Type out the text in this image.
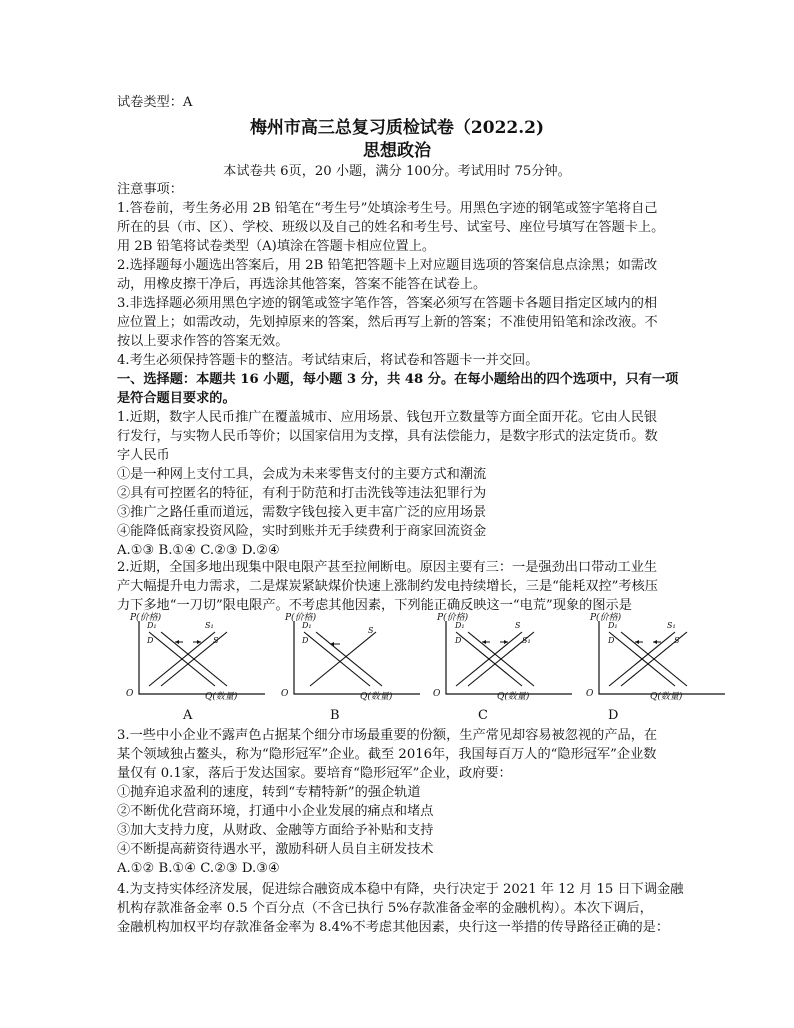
试卷类型：A
梅州市高三总复习质检试卷（2022.2)
思想政治
本试卷共 6页，20 小题，满分 100分。考试用时 75分钟。
注意事项：
1.答卷前，考生务必用 2B 铅笔在“考生号”处填涂考生号。用黑色字迹的钢笔或签字笔将自己
所在的县（市、区）、学校、班级以及自己的姓名和考生号、试室号、座位号填写在答题卡上。
用 2B 铅笔将试卷类型（A)填涂在答题卡相应位置上。
2.选择题每小题选出答案后，用 2B 铅笔把答题卡上对应题目选项的答案信息点涂黑；如需改
动，用橡皮擦干净后，再选涂其他答案，答案不能答在试卷上。
3.非选择题必须用黑色字迹的钢笔或签字笔作答，答案必须写在答题卡各题目指定区域内的相
应位置上；如需改动，先划掉原来的答案，然后再写上新的答案；不准使用铅笔和涂改液。不
按以上要求作答的答案无效。
4.考生必须保持答题卡的整洁。考试结束后，将试卷和答题卡一并交回。
一、选择题：本题共 16 小题，每小题 3 分，共 48 分。在每小题给出的四个选项中，只有一项
是符合题目要求的。
1.近期，数字人民币推广在覆盖城市、应用场景、钱包开立数量等方面全面开花。它由人民银
行发行，与实物人民币等价；以国家信用为支撑，具有法偿能力，是数字形式的法定货币。数
字人民币
①是一种网上支付工具，会成为未来零售支付的主要方式和潮流
②具有可控匿名的特征，有利于防范和打击洗钱等违法犯罪行为
③推广之路任重而道远，需数字钱包接入更丰富广泛的应用场景
④能降低商家投资风险，实时到账并无手续费利于商家回流资金
A.①③ B.①④ C.②③ D.②④
2.近期，全国多地出现集中限电限产甚至拉闸断电。原因主要有三：一是强劲出口带动工业生
产大幅提升电力需求，二是煤炭紧缺煤价快速上涨制约发电持续增长，三是“能耗双控”考核压
力下多地“一刀切”限电限产。不考虑其他因素，下列能正确反映这一“电荒”现象的图示是
P(价格)
Q(数量)
O
D₁
D
S₁
S
A
P(价格)
Q(数量)
O
D₁
D
S
B
P(价格)
Q(数量)
O
D₁
D
S
S₁
C
P(价格)
Q(数量)
O
D₁
D
S₁
S
D
3.一些中小企业不露声色占据某个细分市场最重要的份额，生产常见却容易被忽视的产品，在
某个领域独占鳌头，称为“隐形冠军”企业。截至 2016年，我国每百万人的“隐形冠军”企业数
量仅有 0.1家，落后于发达国家。要培育“隐形冠军”企业，政府要：
①抛弃追求盈利的速度，转到“专精特新”的强企轨道
②不断优化营商环境，打通中小企业发展的痛点和堵点
③加大支持力度，从财政、金融等方面给予补贴和支持
④不断提高薪资待遇水平，激励科研人员自主研发技术
A.①② B.①④ C.②③ D.③④
4.为支持实体经济发展，促进综合融资成本稳中有降，央行决定于 2021 年 12 月 15 日下调金融
机构存款准备金率 0.5 个百分点（不含已执行 5%存款准备金率的金融机构）。本次下调后，
金融机构加权平均存款准备金率为 8.4%不考虑其他因素，央行这一举措的传导路径正确的是：
